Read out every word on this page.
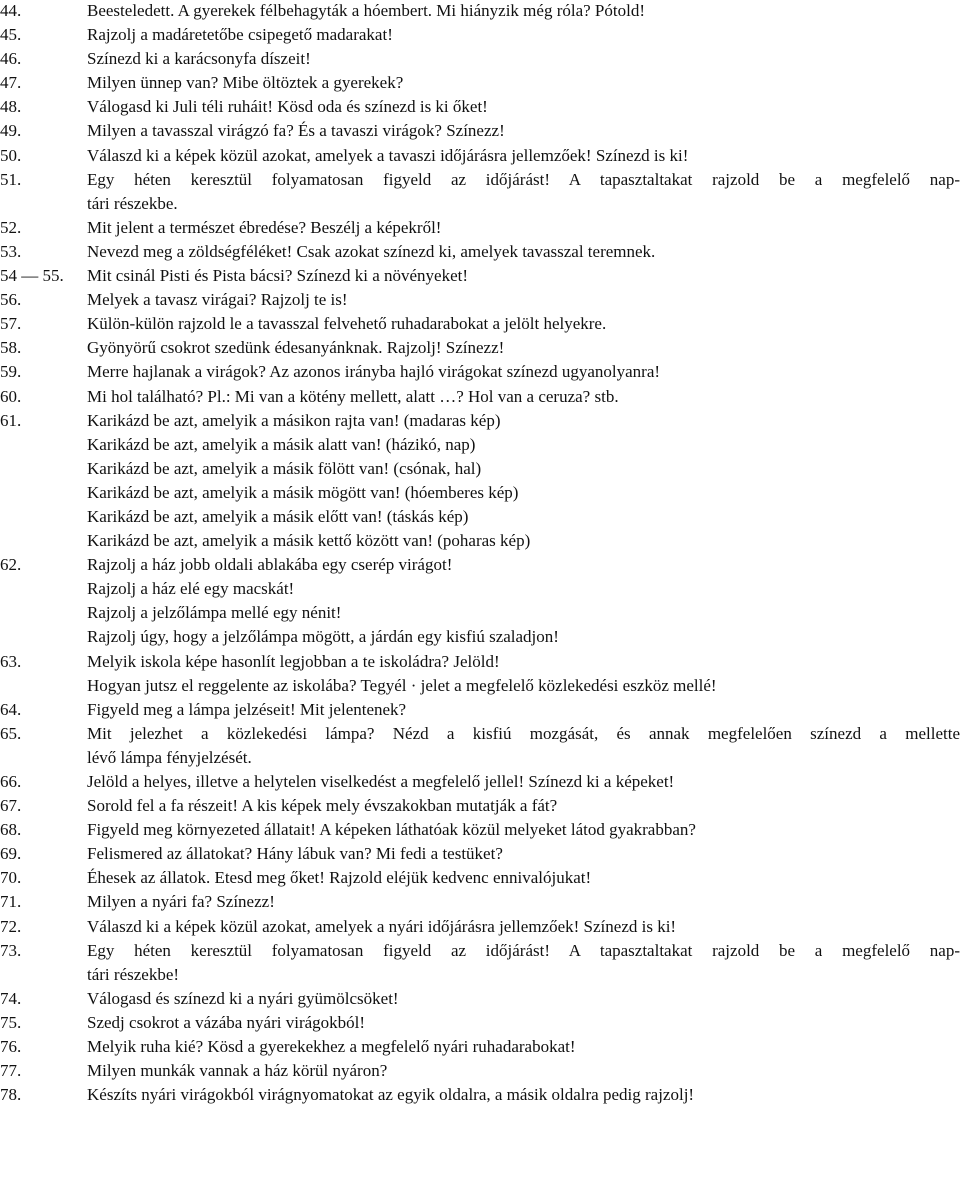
44.	Beesteledett. A gyerekek félbehagyták a hóembert. Mi hiányzik még róla? Pótold!
45.	Rajzolj a madáretetőbe csipegető madarakat!
46.	Színezd ki a karácsonyfa díszeit!
47.	Milyen ünnep van? Mibe öltöztek a gyerekek?
48.	Válogasd ki Juli téli ruháit! Kösd oda és színezd is ki őket!
49.	Milyen a tavasszal virágzó fa? És a tavaszi virágok? Színezz!
50.	Válaszd ki a képek közül azokat, amelyek a tavaszi időjárásra jellemzőek! Színezd is ki!
51.	Egy héten keresztül folyamatosan figyeld az időjárást! A tapasztaltakat rajzold be a megfelelő nap-
tári részekbe.
52.	Mit jelent a természet ébredése? Beszélj a képekről!
53.	Nevezd meg a zöldségféléket! Csak azokat színezd ki, amelyek tavasszal teremnek.
54 — 55.	Mit csinál Pisti és Pista bácsi? Színezd ki a növényeket!
56.	Melyek a tavasz virágai? Rajzolj te is!
57.	Külön-külön rajzold le a tavasszal felvehető ruhadarabokat a jelölt helyekre.
58.	Gyönyörű csokrot szedünk édesanyánknak. Rajzolj! Színezz!
59.	Merre hajlanak a virágok? Az azonos irányba hajló virágokat színezd ugyanolyanra!
60.	Mi hol található? Pl.: Mi van a kötény mellett, alatt …? Hol van a ceruza? stb.
61.	Karikázd be azt, amelyik a másikon rajta van! (madaras kép)
Karikázd be azt, amelyik a másik alatt van! (házikó, nap)
Karikázd be azt, amelyik a másik fölött van! (csónak, hal)
Karikázd be azt, amelyik a másik mögött van! (hóemberes kép)
Karikázd be azt, amelyik a másik előtt van! (táskás kép)
Karikázd be azt, amelyik a másik kettő között van! (poharas kép)
62.	Rajzolj a ház jobb oldali ablakába egy cserép virágot!
Rajzolj a ház elé egy macskát!
Rajzolj a jelzőlámpa mellé egy nénit!
Rajzolj úgy, hogy a jelzőlámpa mögött, a járdán egy kisfiú szaladjon!
63.	Melyik iskola képe hasonlít legjobban a te iskoládra? Jelöld!
Hogyan jutsz el reggelente az iskolába? Tegyél · jelet a megfelelő közlekedési eszköz mellé!
64.	Figyeld meg a lámpa jelzéseit! Mit jelentenek?
65.	Mit jelezhet a közlekedési lámpa? Nézd a kisfiú mozgását, és annak megfelelően színezd a mellette
lévő lámpa fényjelzését.
66.	Jelöld a helyes, illetve a helytelen viselkedést a megfelelő jellel! Színezd ki a képeket!
67.	Sorold fel a fa részeit! A kis képek mely évszakokban mutatják a fát?
68.	Figyeld meg környezeted állatait! A képeken láthatóak közül melyeket látod gyakrabban?
69.	Felismered az állatokat? Hány lábuk van? Mi fedi a testüket?
70.	Éhesek az állatok. Etesd meg őket! Rajzold eléjük kedvenc ennivalójukat!
71.	Milyen a nyári fa? Színezz!
72.	Válaszd ki a képek közül azokat, amelyek a nyári időjárásra jellemzőek! Színezd is ki!
73.	Egy héten keresztül folyamatosan figyeld az időjárást! A tapasztaltakat rajzold be a megfelelő nap-
tári részekbe!
74.	Válogasd és színezd ki a nyári gyümölcsöket!
75.	Szedj csokrot a vázába nyári virágokból!
76.	Melyik ruha kié? Kösd a gyerekekhez a megfelelő nyári ruhadarabokat!
77.	Milyen munkák vannak a ház körül nyáron?
78.	Készíts nyári virágokból virágnyomatokat az egyik oldalra, a másik oldalra pedig rajzolj!
